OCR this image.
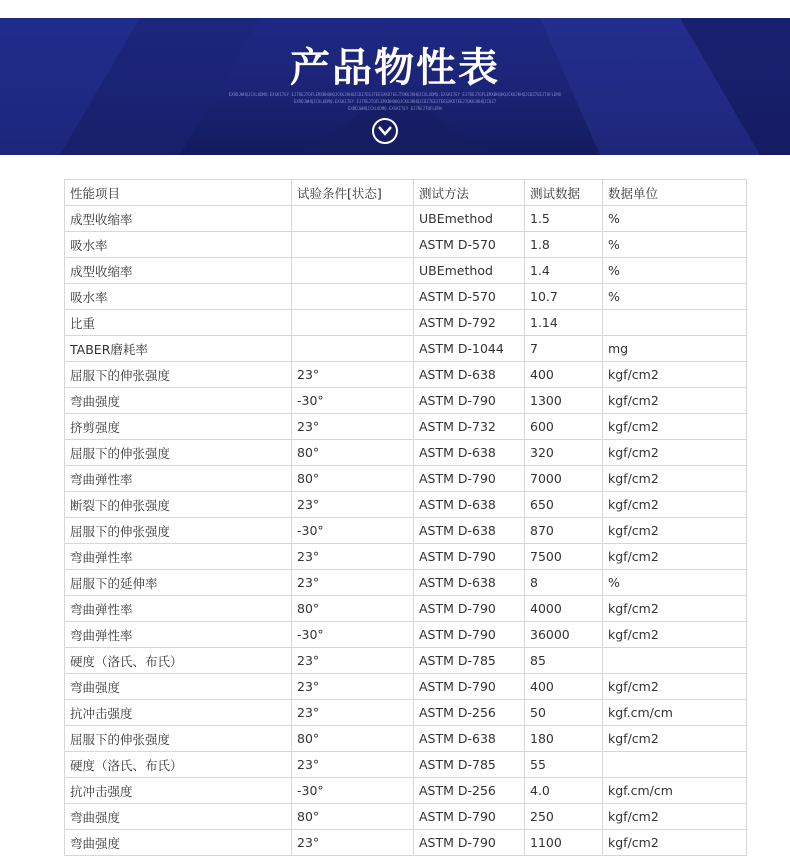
产品物性表
EXRDJWHQJCXLUDMQ.EXSKI7EY EJ7REJTOFLEMXBHQHQJCKUJKHQJCDZ7EEJTEESXKD7EEJTOKUJKHQJCXLUDMQ.EXSKI7EY EJ7REJTOFLEMXBHQHQJCKUJKHQJCDZ7EEJTOFLEMX
EXRDJWHQJCXLUDMQ.EXSKI7EY EJ7REJTOFLEMXBHQHQJCKUJKHQJCDZ7EEJTEESXKD7EEJTOKUJKHQJCDZ7
EXRDJWHQJCXLUDMQ.EXSKI7EY EJ7REJTOFLEMX
性能项目	试验条件[状态]	测试方法	测试数据	数据单位
成型收缩率		UBEmethod	1.5	%
吸水率		ASTM D-570	1.8	%
成型收缩率		UBEmethod	1.4	%
吸水率		ASTM D-570	10.7	%
比重		ASTM D-792	1.14	
TABER磨耗率		ASTM D-1044	7	mg
屈服下的伸张强度	23°	ASTM D-638	400	kgf/cm2
弯曲强度	-30°	ASTM D-790	1300	kgf/cm2
挤剪强度	23°	ASTM D-732	600	kgf/cm2
屈服下的伸张强度	80°	ASTM D-638	320	kgf/cm2
弯曲弹性率	80°	ASTM D-790	7000	kgf/cm2
断裂下的伸张强度	23°	ASTM D-638	650	kgf/cm2
屈服下的伸张强度	-30°	ASTM D-638	870	kgf/cm2
弯曲弹性率	23°	ASTM D-790	7500	kgf/cm2
屈服下的延伸率	23°	ASTM D-638	8	%
弯曲弹性率	80°	ASTM D-790	4000	kgf/cm2
弯曲弹性率	-30°	ASTM D-790	36000	kgf/cm2
硬度（洛氏、布氏）	23°	ASTM D-785	85	
弯曲强度	23°	ASTM D-790	400	kgf/cm2
抗冲击强度	23°	ASTM D-256	50	kgf.cm/cm
屈服下的伸张强度	80°	ASTM D-638	180	kgf/cm2
硬度（洛氏、布氏）	23°	ASTM D-785	55	
抗冲击强度	-30°	ASTM D-256	4.0	kgf.cm/cm
弯曲强度	80°	ASTM D-790	250	kgf/cm2
弯曲强度	23°	ASTM D-790	1100	kgf/cm2
